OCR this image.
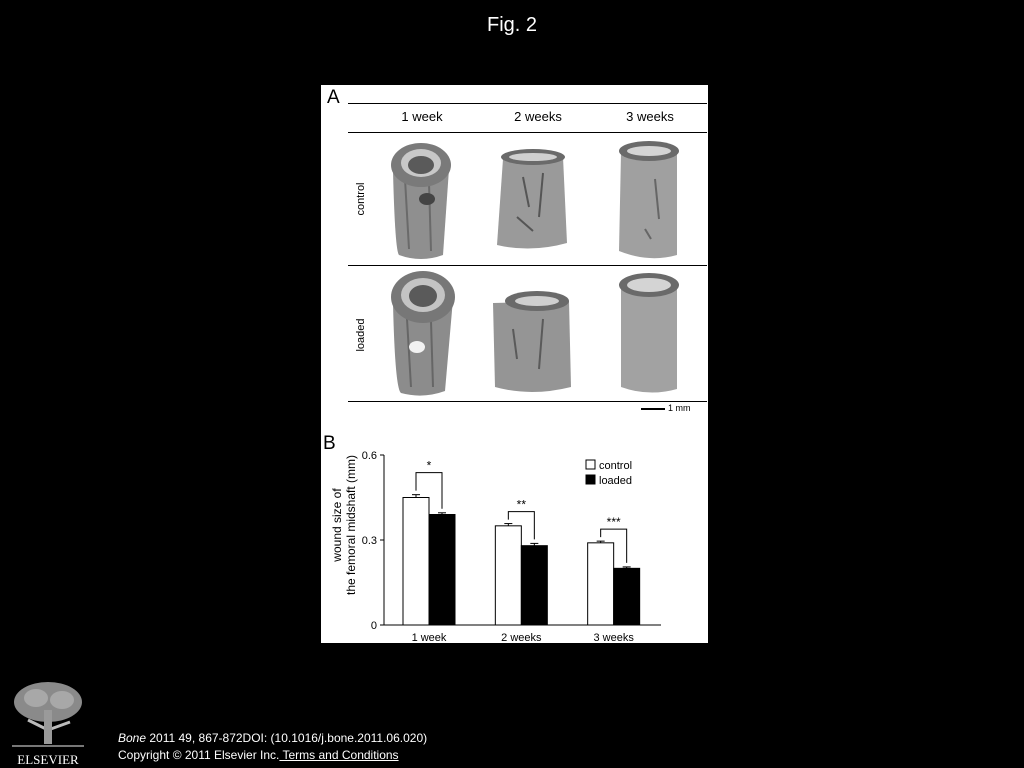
Fig. 2
A
1 week	2 weeks	3 weeks
control
loaded
1 mm
B
wound size of the femoral midshaft (mm)
0
0.3
0.6
*
1 week
**
2 weeks
***
3 weeks
control
loaded
ELSEVIER
Bone 2011 49, 867-872DOI: (10.1016/j.bone.2011.06.020)
Copyright © 2011 Elsevier Inc. Terms and Conditions
